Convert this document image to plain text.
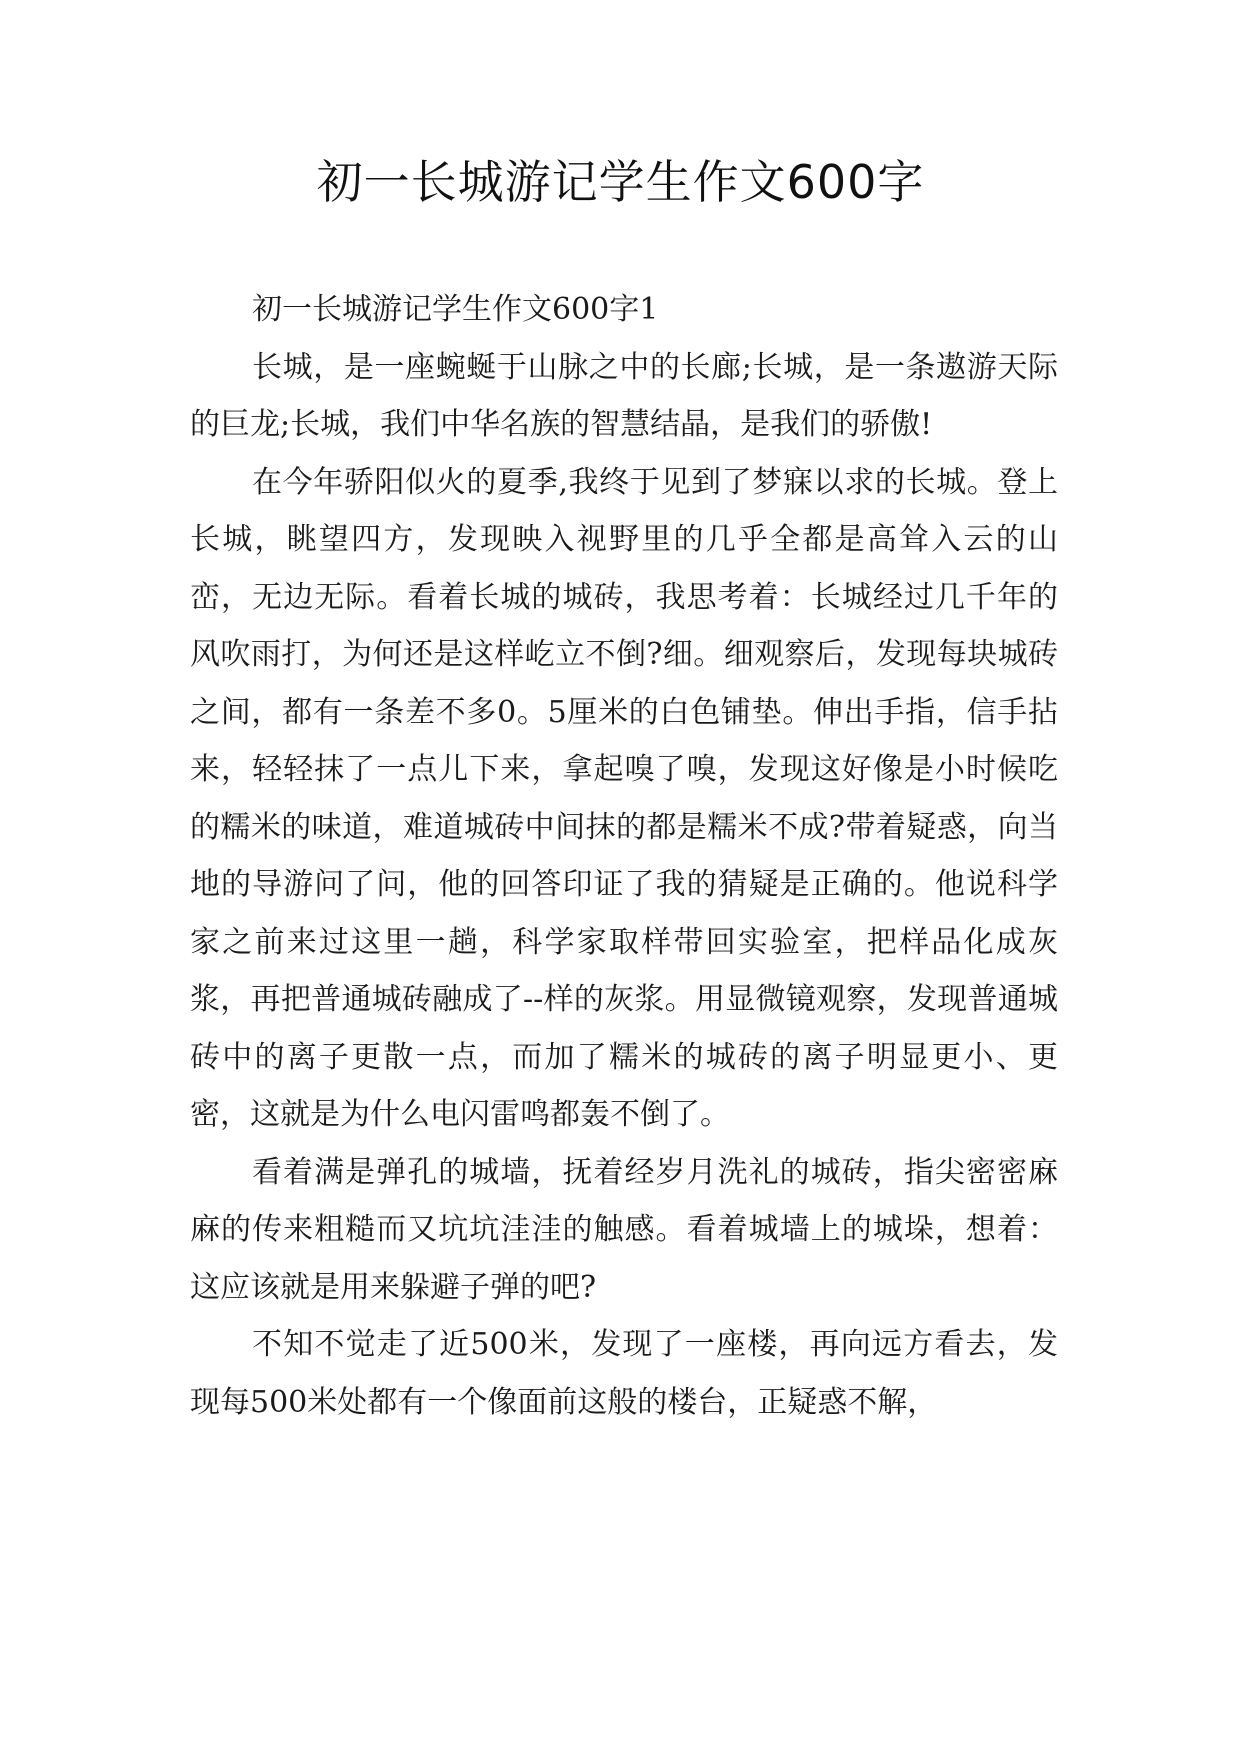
初一长城游记学生作文600字

初一长城游记学生作文600字1

长城，是一座蜿蜒于山脉之中的长廊;长城，是一条遨游天际的巨龙;长城，我们中华名族的智慧结晶，是我们的骄傲!

在今年骄阳似火的夏季,我终于见到了梦寐以求的长城。登上长城，眺望四方，发现映入视野里的几乎全都是高耸入云的山峦，无边无际。看着长城的城砖，我思考着：长城经过几千年的风吹雨打，为何还是这样屹立不倒?细。细观察后，发现每块城砖之间，都有一条差不多0。5厘米的白色铺垫。伸出手指，信手拈来，轻轻抹了一点儿下来，拿起嗅了嗅，发现这好像是小时候吃的糯米的味道，难道城砖中间抹的都是糯米不成?带着疑惑，向当地的导游问了问，他的回答印证了我的猜疑是正确的。他说科学家之前来过这里一趟，科学家取样带回实验室，把样品化成灰浆，再把普通城砖融成了--样的灰浆。用显微镜观察，发现普通城砖中的离子更散一点，而加了糯米的城砖的离子明显更小、更密，这就是为什么电闪雷鸣都轰不倒了。

看着满是弹孔的城墙，抚着经岁月洗礼的城砖，指尖密密麻麻的传来粗糙而又坑坑洼洼的触感。看着城墙上的城垛，想着：这应该就是用来躲避子弹的吧?

不知不觉走了近500米，发现了一座楼，再向远方看去，发现每500米处都有一个像面前这般的楼台，正疑惑不解，
